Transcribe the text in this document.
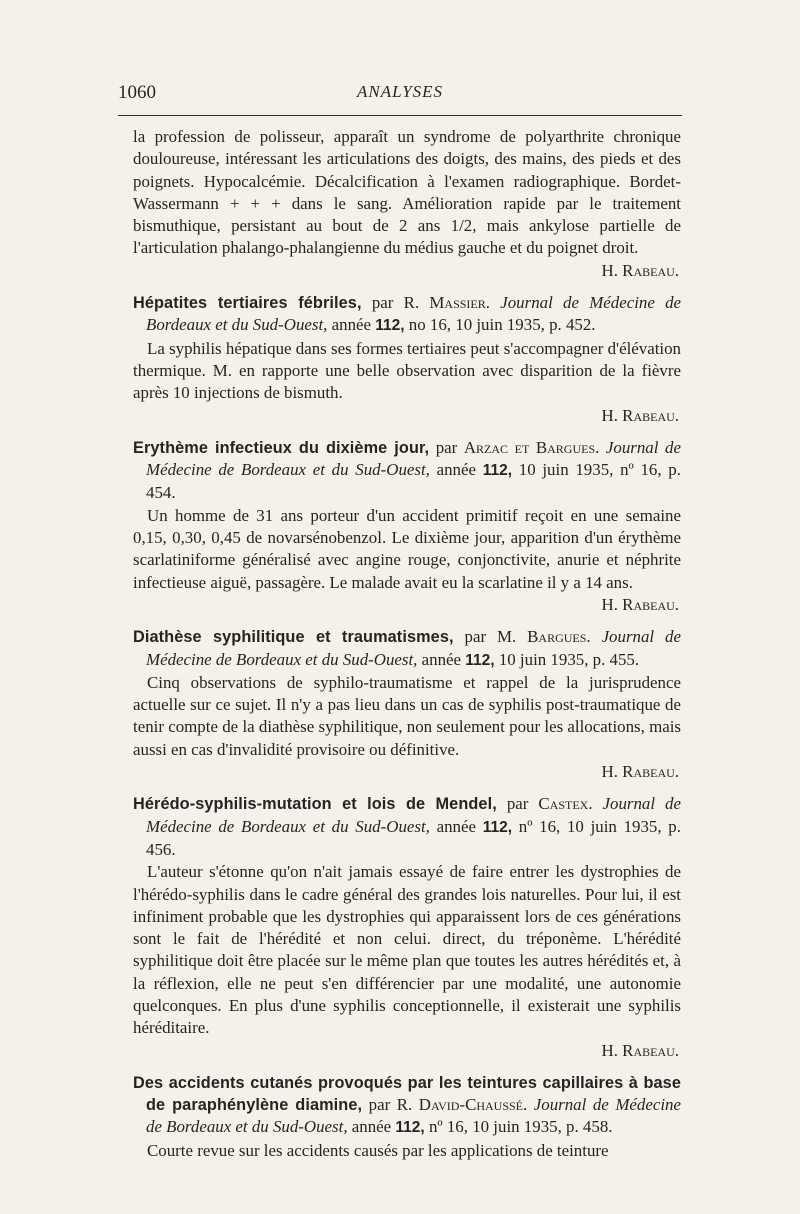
1060	ANALYSES

la profession de polisseur, apparaît un syndrome de polyarthrite chronique douloureuse, intéressant les articulations des doigts, des mains, des pieds et des poignets. Hypocalcémie. Décalcification à l'examen radiographique. Bordet-Wassermann + + + dans le sang. Amélioration rapide par le traitement bismuthique, persistant au bout de 2 ans 1/2, mais ankylose partielle de l'articulation phalango-phalangienne du médius gauche et du poignet droit.

H. Rabeau.

Hépatites tertiaires fébriles, par R. Massier. Journal de Médecine de Bordeaux et du Sud-Ouest, année 112, no 16, 10 juin 1935, p. 452.

La syphilis hépatique dans ses formes tertiaires peut s'accompagner d'élévation thermique. M. en rapporte une belle observation avec disparition de la fièvre après 10 injections de bismuth.

H. Rabeau.

Erythème infectieux du dixième jour, par Arzac et Bargues. Journal de Médecine de Bordeaux et du Sud-Ouest, année 112, 10 juin 1935, nº 16, p. 454.

Un homme de 31 ans porteur d'un accident primitif reçoit en une semaine 0,15, 0,30, 0,45 de novarsénobenzol. Le dixième jour, apparition d'un érythème scarlatiniforme généralisé avec angine rouge, conjonctivite, anurie et néphrite infectieuse aiguë, passagère. Le malade avait eu la scarlatine il y a 14 ans.

H. Rabeau.

Diathèse syphilitique et traumatismes, par M. Bargues. Journal de Médecine de Bordeaux et du Sud-Ouest, année 112, 10 juin 1935, p. 455.

Cinq observations de syphilo-traumatisme et rappel de la jurisprudence actuelle sur ce sujet. Il n'y a pas lieu dans un cas de syphilis post-traumatique de tenir compte de la diathèse syphilitique, non seulement pour les allocations, mais aussi en cas d'invalidité provisoire ou définitive.

H. Rabeau.

Hérédo-syphilis-mutation et lois de Mendel, par Castex. Journal de Médecine de Bordeaux et du Sud-Ouest, année 112, nº 16, 10 juin 1935, p. 456.

L'auteur s'étonne qu'on n'ait jamais essayé de faire entrer les dystrophies de l'hérédo-syphilis dans le cadre général des grandes lois naturelles. Pour lui, il est infiniment probable que les dystrophies qui apparaissent lors de ces générations sont le fait de l'hérédité et non celui. direct, du tréponème. L'hérédité syphilitique doit être placée sur le même plan que toutes les autres hérédités et, à la réflexion, elle ne peut s'en différencier par une modalité, une autonomie quelconques. En plus d'une syphilis conceptionnelle, il existerait une syphilis héréditaire.

H. Rabeau.

Des accidents cutanés provoqués par les teintures capillaires à base de paraphénylène diamine, par R. David-Chaussé. Journal de Médecine de Bordeaux et du Sud-Ouest, année 112, nº 16, 10 juin 1935, p. 458.

Courte revue sur les accidents causés par les applications de teinture
